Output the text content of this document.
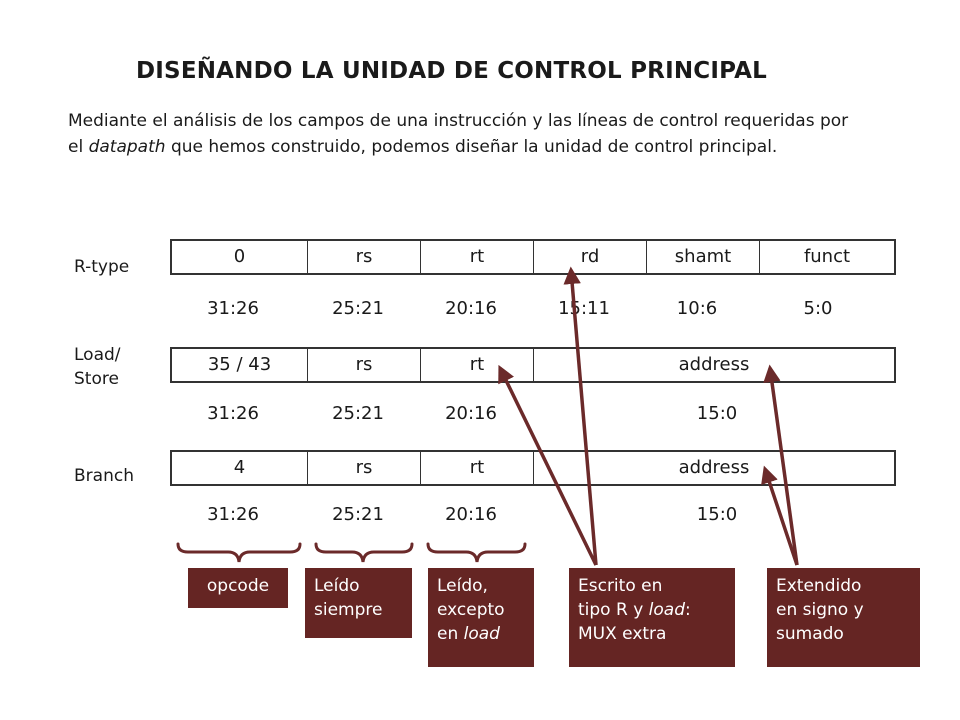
DISEÑANDO LA UNIDAD DE CONTROL PRINCIPAL

Mediante el análisis de los campos de una instrucción y las líneas de control requeridas por el datapath que hemos construido, podemos diseñar la unidad de control principal.

R-type	0	rs	rt	rd	shamt	funct
31:26	25:21	20:16	15:11	10:6	5:0
Load/
Store
35 / 43	rs	rt	address
31:26	25:21	20:16	15:0
Branch	4	rs	rt	address
31:26	25:21	20:16	15:0
opcode	Leído
siempre
Leído,
excepto
en load
Escrito en
tipo R y load:
MUX extra
Extendido
en signo y
sumado
